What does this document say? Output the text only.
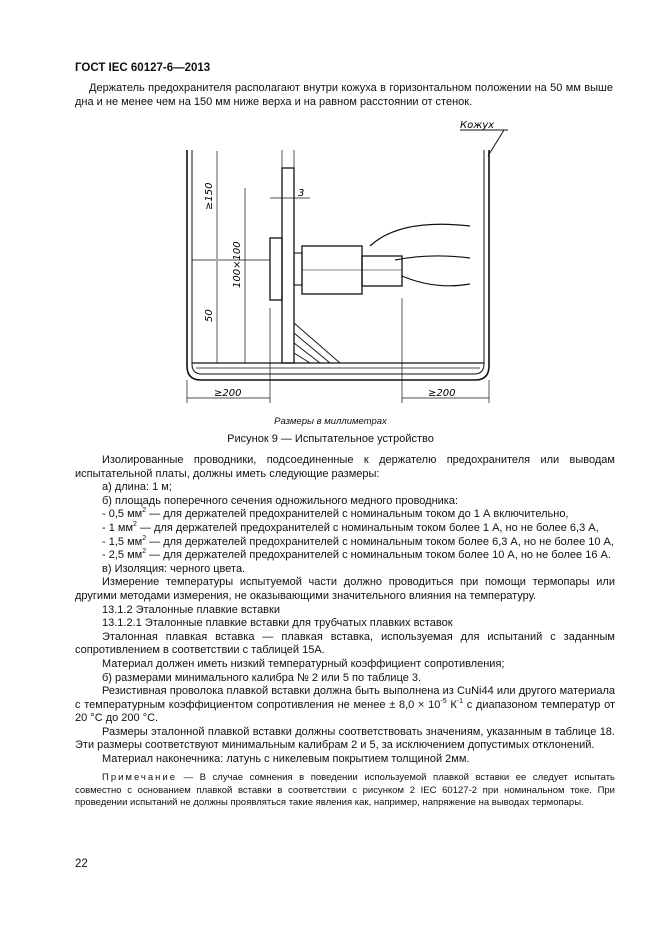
ГОСТ IEC 60127-6—2013
Держатель предохранителя располагают внутри кожуха в горизонтальном положении на 50 мм выше дна и не менее чем на 150 мм ниже верха и на равном расстоянии от стенок.
Кожух
3
≥150
100×100
50
≥200	≥200
Размеры в миллиметрах
Рисунок 9 — Испытательное устройство

Изолированные проводники, подсоединенные к держателю предохранителя или выводам испытательной платы, должны иметь следующие размеры:

а) длина: 1 м;

б) площадь поперечного сечения одножильного медного проводника:

- 0,5 $мм^2$ — для держателей предохранителей с номинальным током до 1 А включительно,

- 1 $мм^2$ — для держателей предохранителей с номинальным током более 1 А, но не более 6,3 А,

- 1,5 $мм^2$ — для держателей предохранителей с номинальным током более 6,3 А, но не более 10 А,

- 2,5 $мм^2$ — для держателей предохранителей с номинальным током более 10 А, но не более 16 А.

в) Изоляция: черного цвета.

Измерение температуры испытуемой части должно проводиться при помощи термопары или другими методами измерения, не оказывающими значительного влияния на температуру.

13.1.2 Эталонные плавкие вставки

13.1.2.1 Эталонные плавкие вставки для трубчатых плавких вставок

Эталонная плавкая вставка — плавкая вставка, используемая для испытаний с заданным сопротивлением в соответствии с таблицей 15А.

Материал должен иметь низкий температурный коэффициент сопротивления;

б) размерами минимального калибра № 2 или 5 по таблице 3.

Резистивная проволока плавкой вставки должна быть выполнена из CuNi44 или другого материала с температурным коэффициентом сопротивления не менее ± $8,0 \times 10^{-5}$ $К^{-1}$ с диапазоном температур от 20 °C до 200 °C.

Размеры эталонной плавкой вставки должны соответствовать значениям, указанным в таблице 18. Эти размеры соответствуют минимальным калибрам 2 и 5, за исключением допустимых отклонений.

Материал наконечника: латунь с никелевым покрытием толщиной 2мм.

Примечание — В случае сомнения в поведении используемой плавкой вставки ее следует испытать совместно с основанием плавкой вставки в соответствии с рисунком 2 IEC 60127-2 при номинальном токе. При проведении испытаний не должны проявляться такие явления как, например, напряжение на выводах термопары.
22
